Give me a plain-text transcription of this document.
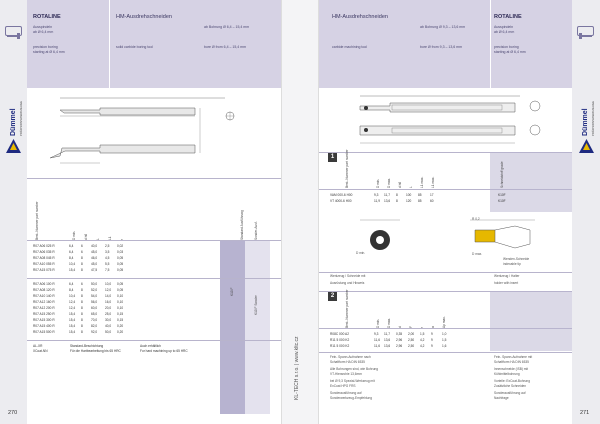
Dümmel PRÄZISIONSWERKZEUGE
270
ROTALINE
Ausspindeln
ab Ø 6,4 mm
precision boring
starting at Ø 6,4 mm
HM-Ausdrehschneiden
ab Bohrung Ø 6,4 – 15,4 mm
solid carbide boring tool	bore Ø from 6,4 – 15,4 mm
Best.-Nummer part number	D min.	d h6	L	L1	r	Standard Ausführung	Sonder-Ausf.
R07 A06 025 R	6,4 6	40,0 2,5 0,02
R07 A06 035 R	6,4 6	45,0 3,5 0,03
R07 A08 045 R	8,4 8	46,0 4,5 0,05
R07 A10 055 R	10,4 8	45,0 5,5 0,05
R07 A15 075 R	15,4 8	47,5 7,5 0,05
K10 F
R07 A06 100 R	6,4 6	50,0 10,0 0,05
R07 A08 120 R	8,4 8	52,0 12,0 0,05
R07 A10 140 R	10,4 8	54,0 14,0 0,10
R07 A12 160 R	12,4 8	56,0 16,0 0,10
R07 A12 200 R	12,4 8	60,0 20,0 0,10
R07 A15 250 R	15,4 8	65,0 25,0 0,15
R07 A15 300 R	15,4 8	70,0 30,0 0,15
R07 A15 400 R	15,4 8	82,0 40,0 0,20
R07 A15 500 R	15,4 8	92,0 50,0 0,20
K10 F Sonder
AL-XR
XCoat-NN
Standard-Beschichtung
Für die Hartbearbeitung bis 65 HRC
Auch erhältlich
For hard machining up to 65 HRC	KL-TECH s.r.o. | www.kltc.cz
HM-Ausdrehschneiden
ab Bohrung Ø 9,3 – 13,6 mm
carbide machining tool	bore Ø from 9,3 – 13,6 mm
ROTALINE
Ausspindeln
ab Ø 6,4 mm
precision boring
starting at Ø 6,4 mm
Dümmel PRÄZISIONSWERKZEUGE
271
1	Best.-Nummer part number	D min. D max. d h6 L L1 max. L1 max.	Schneidstoff grade
VAM 000-6 H00	9,3 11,7 8	100 85	17	K10F
VT 4000-6 H00	11,9 13,6 8	120 85	60	K10F
D min.
R 0,2
D max.
Wenden-Schneide
indexable tip
Werkzeug / Schneide mit
Ausrüstung und Hinweis
Werkzeug / Halter
holder with insert
2	Best.-Nummer part number	D min. D max. d F r α Ap max.
R08C 000 A2	9,3 11,7 0,35 2,00 1,5 9	1,0
R11 5 000 K2	11,6 13,6 2,96 2,50 4,2 9	1,5
R11 5 000 K2	11,6 13,6 2,96 2,50 4,2 9	1,6
Fein- Spann-Aufnahme nach
Schaftform HA DIN 6535
Alle Bohrungen sind, wie Bohrung
VT-Hierarchie 13,6mm
bei Ø 9,3 Spezial-Werkzeug mit
ExCoat HPG FRS
Sonderausführung auf
Sonderwerkzeug-Empfehlung
Fein- Spann-Aufnahme mit
Schaftform HA DIN 6535
Innenschneide (ISB) mit
Kühlmittelbohrung
Vorteile: ExCoat-Bohrung
Zusätzliche Schneiden
Sonderausführung auf
Nachfrage
